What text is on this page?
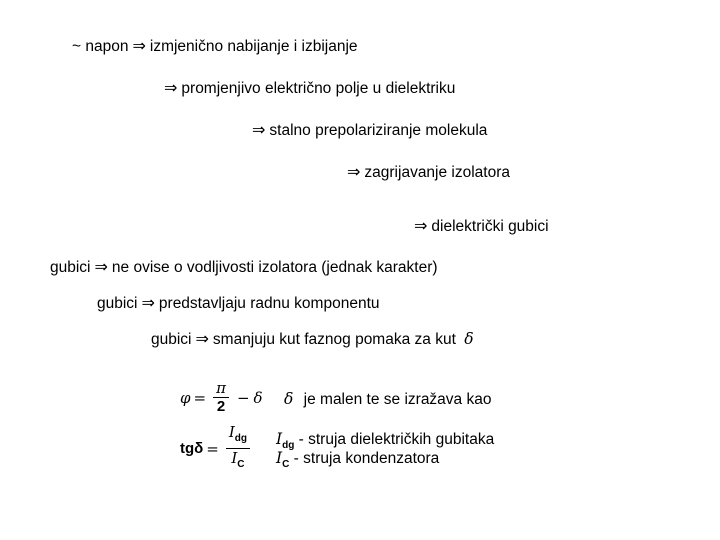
~ napon ⇒ izmjenično nabijanje i izbijanje
⇒ promjenjivo električno polje u dielektriku
⇒ stalno prepolariziranje molekula
⇒ zagrijavanje izolatora
⇒ dielektrički gubici
gubici ⇒ ne ovise o vodljivosti izolatora (jednak karakter)
gubici ⇒ predstavljaju radnu komponentu
gubici ⇒ smanjuju kut faznog pomaka za kut δ
$\varphi = \frac{\pi}{2} - \delta$ δ je malen te se izražava kao
$tg\delta = \frac{I_{dg}}{I_C} I_{dg}$ - struja dielektričkih gubitaka
$I_C$ - struja kondenzatora
